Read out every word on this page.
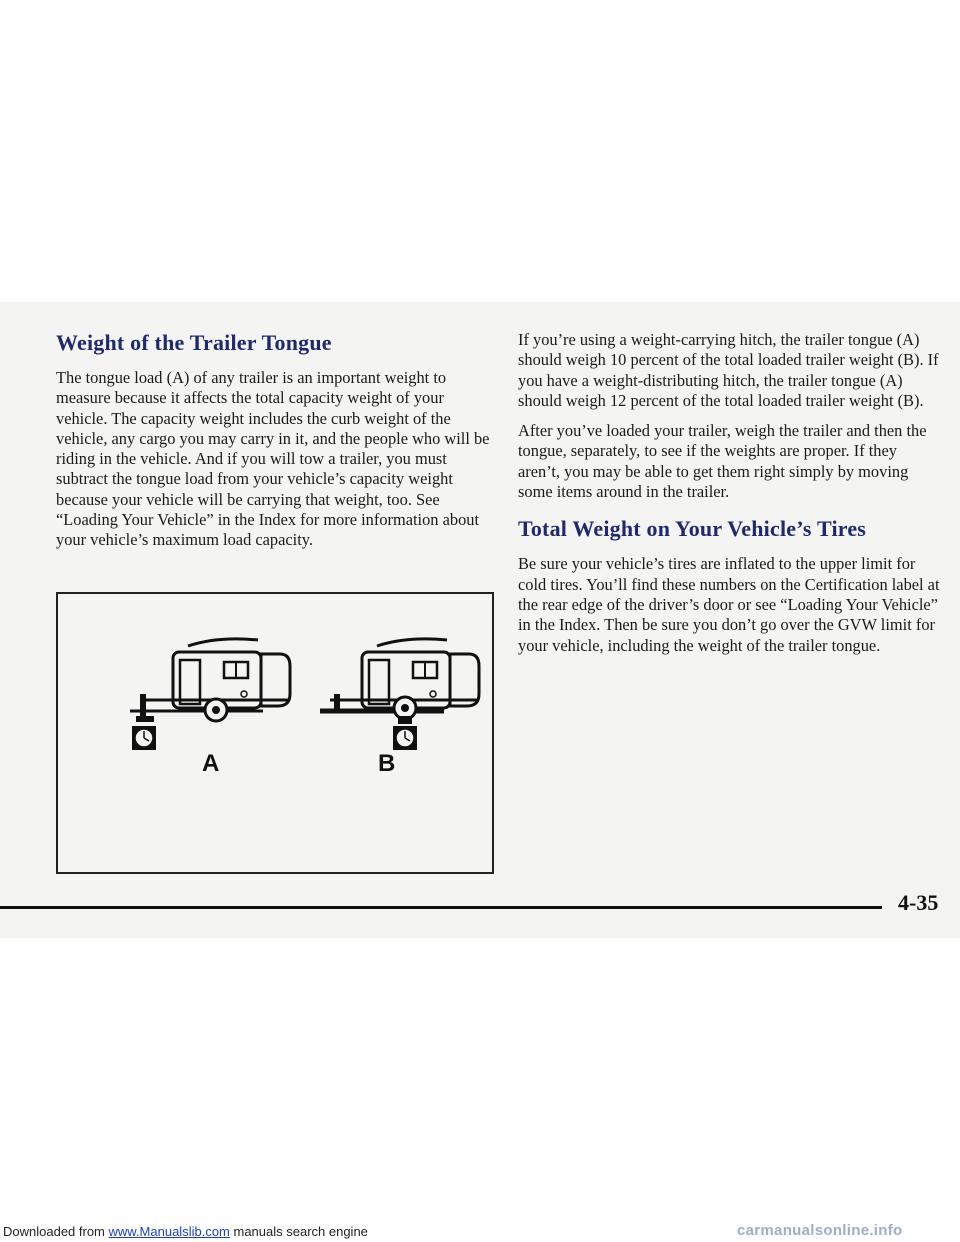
Weight of the Trailer Tongue

The tongue load (A) of any trailer is an important weight to measure because it affects the total capacity weight of your vehicle. The capacity weight includes the curb weight of the vehicle, any cargo you may carry in it, and the people who will be riding in the vehicle. And if you will tow a trailer, you must subtract the tongue load from your vehicle’s capacity weight because your vehicle will be carrying that weight, too. See “Loading Your Vehicle” in the Index for more information about your vehicle’s maximum load capacity.

A	B

If you’re using a weight-carrying hitch, the trailer tongue (A) should weigh 10 percent of the total loaded trailer weight (B). If you have a weight-distributing hitch, the trailer tongue (A) should weigh 12 percent of the total loaded trailer weight (B).

After you’ve loaded your trailer, weigh the trailer and then the tongue, separately, to see if the weights are proper. If they aren’t, you may be able to get them right simply by moving some items around in the trailer.

Total Weight on Your Vehicle’s Tires

Be sure your vehicle’s tires are inflated to the upper limit for cold tires. You’ll find these numbers on the Certification label at the rear edge of the driver’s door or see “Loading Your Vehicle” in the Index. Then be sure you don’t go over the GVW limit for your vehicle, including the weight of the trailer tongue.

4-35
Downloaded from www.Manualslib.com manuals search engine	carmanualsonline.info
